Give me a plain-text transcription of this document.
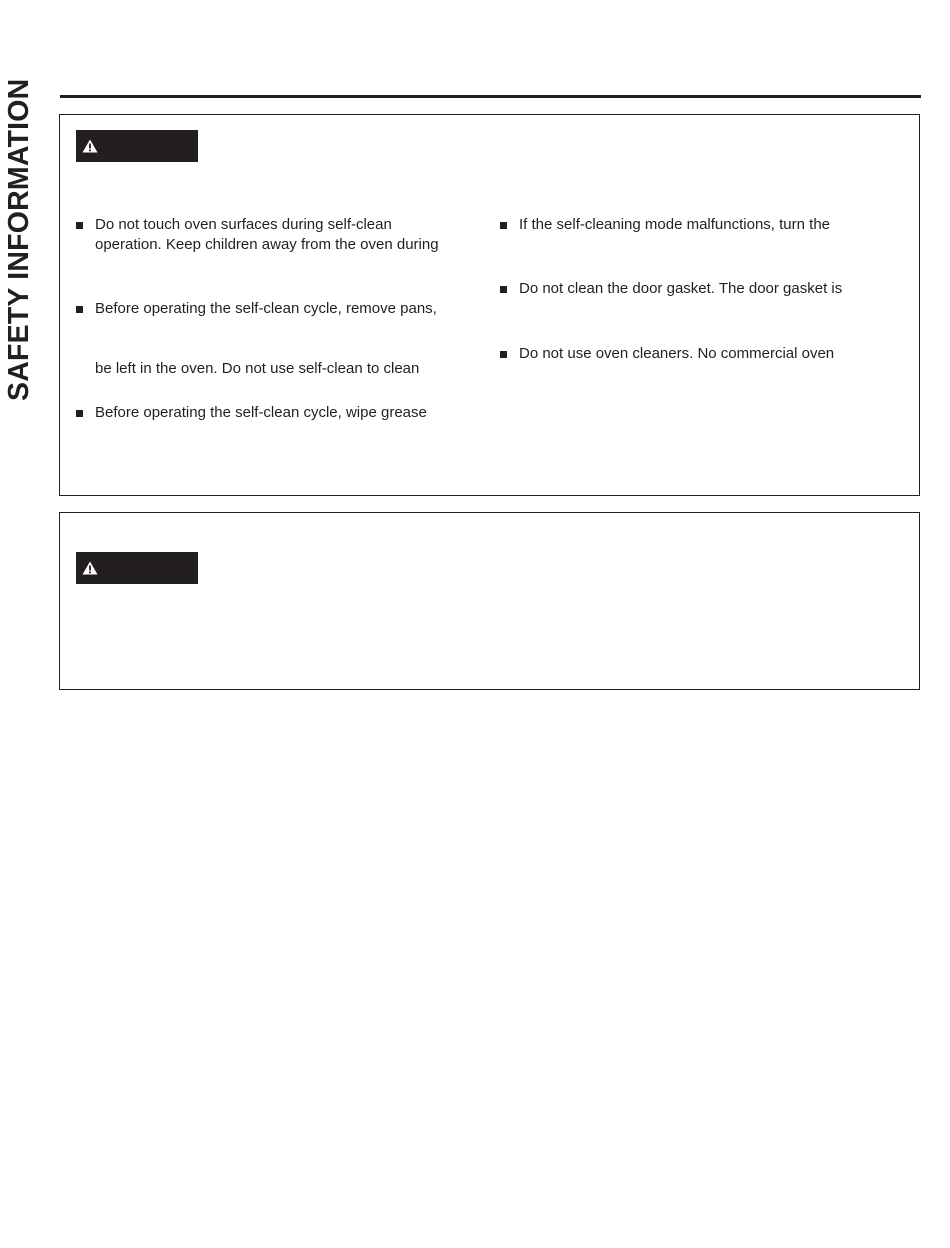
SAFETY INFORMATION	Do not touch oven surfaces during self-clean
operation. Keep children away from the oven during
Before operating the self-clean cycle, remove pans,
be left in the oven. Do not use self-clean to clean
Before operating the self-clean cycle, wipe grease
If the self-cleaning mode malfunctions, turn the
Do not clean the door gasket. The door gasket is
Do not use oven cleaners. No commercial oven
